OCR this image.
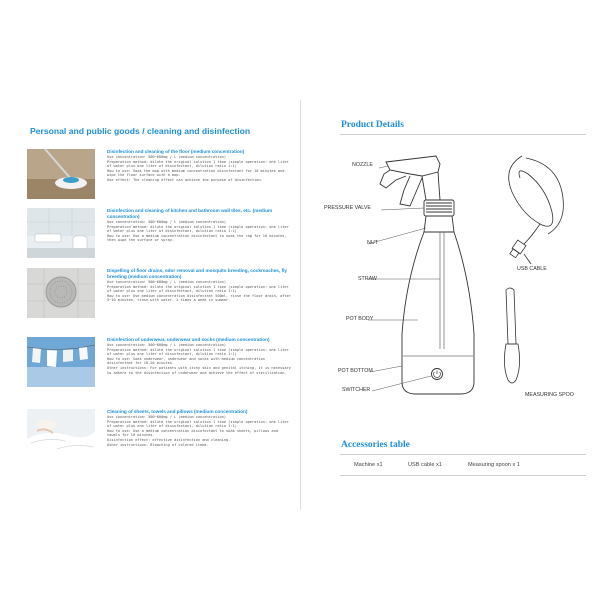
Personal and public goods / cleaning and disinfection
Disinfection and cleaning of the floor (medium concentration)
Use concentration: 500~600mg / L (medium concentration)
Preparation method: dilute the original solution 1 time (simple operation: one liter of water plus one liter of disinfectant, dilution ratio 1:1)
How to use: Soak the mop with medium concentration disinfectant for 10 minutes and wipe the floor surface with a mop.
Use effect: The cleaning effect can achieve the purpose of disinfection.
Disinfection and cleaning of kitchen and bathroom wall tiles, etc. (medium concentration)
Use concentration: 500~600mg / L (medium concentration)
Preparation method: dilute the original solution 1 time (simple operation: one liter of water plus one liter of disinfectant, dilution ratio 1:1)
How to use: Use a medium concentration disinfectant to soak the rag for 10 minutes, then wipe the surface or spray.
Dispelling of floor drains, odor removal and mosquito breeding, cockroaches, fly breeding (medium concentration)
Use concentration: 500~600mg / L (medium concentration)
Preparation method: dilute the original solution 1 time (simple operation: one liter of water plus one liter of disinfectant, dilution ratio 1:1)
How to use: Use medium concentration disinfectant 500ml, rinse the floor drain, after 5~10 minutes, rinse with water. 2 times a week in summer.
Disinfection of underwear, underwear and socks (medium concentration)
Use concentration: 500~600mg / L (medium concentration)
Preparation method: dilute the original solution 1 time (simple operation: one liter of water plus one liter of disinfectant, dilution ratio 1:1)
How to use: Soak underwear, underwear and socks with medium concentration disinfectant for 10-20 minutes.
Other instructions: For patients with itchy skin and genital itching, it is necessary to adhere to the disinfection of underwear and achieve the effect of sterilization.
Cleaning of sheets, towels and pillows (medium concentration)
Use concentration: 500~600mg / L (medium concentration)
Preparation method: dilute the original solution 1 time (simple operation: one liter of water plus one liter of disinfectant, dilution ratio 1:1)
How to use: Use a medium concentration disinfectant to soak sheets, pillows and towels for 10 minutes.
Disinfection effect: effective disinfection and cleaning.
Other instructions: Bleaching of colored items.
Product Details
NOZZLE
PRESSURE VALVE
NUT
STRAW
POT BODY
POT BOTTOM
SWITCHER
USB CABLE
MEASURING SPOO
Accessories table
Machine x1	USB cable x1	Measuring spoon x 1
